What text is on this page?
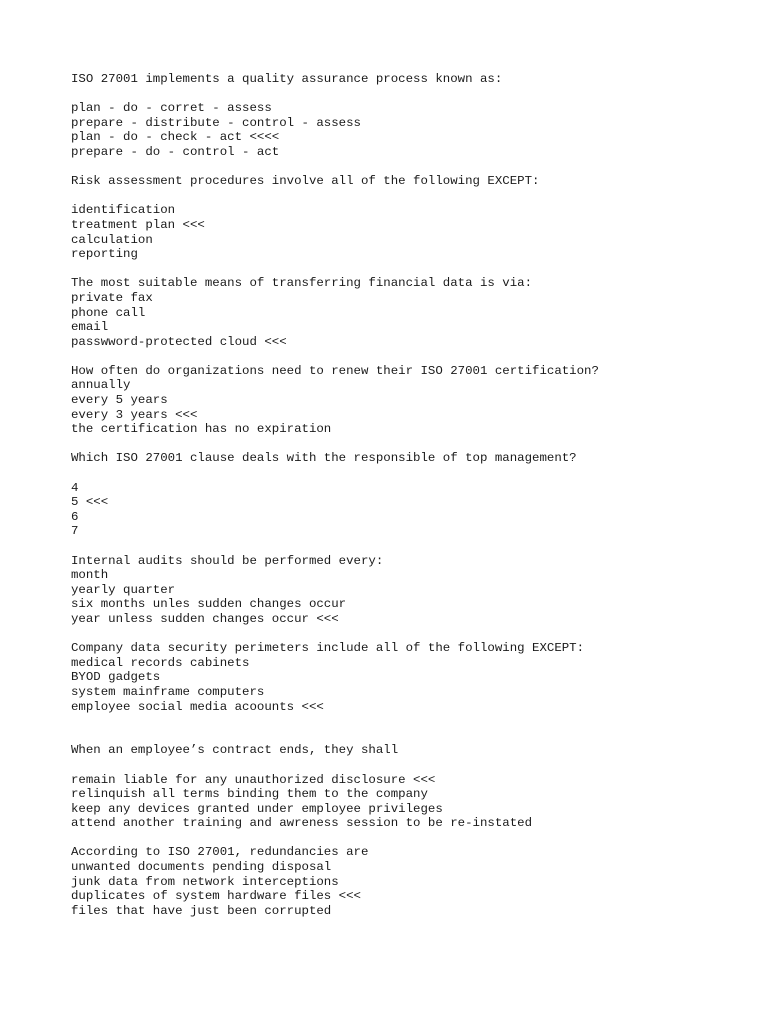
ISO 27001 implements a quality assurance process known as:
plan - do - corret - assess
prepare - distribute - control - assess
plan - do - check - act <<<<
prepare - do - control - act
Risk assessment procedures involve all of the following EXCEPT:
identification
treatment plan <<<
calculation
reporting
The most suitable means of transferring financial data is via:
private fax
phone call
email
passwword-protected cloud <<<
How often do organizations need to renew their ISO 27001 certification?
annually
every 5 years
every 3 years <<<
the certification has no expiration
Which ISO 27001 clause deals with the responsible of top management?
4
5 <<<
6
7
Internal audits should be performed every:
month
yearly quarter
six months unles sudden changes occur
year unless sudden changes occur <<<
Company data security perimeters include all of the following EXCEPT:
medical records cabinets
BYOD gadgets
system mainframe computers
employee social media acoounts <<<
When an employee’s contract ends, they shall
remain liable for any unauthorized disclosure <<<
relinquish all terms binding them to the company
keep any devices granted under employee privileges
attend another training and awreness session to be re-instated
According to ISO 27001, redundancies are
unwanted documents pending disposal
junk data from network interceptions
duplicates of system hardware files <<<
files that have just been corrupted
